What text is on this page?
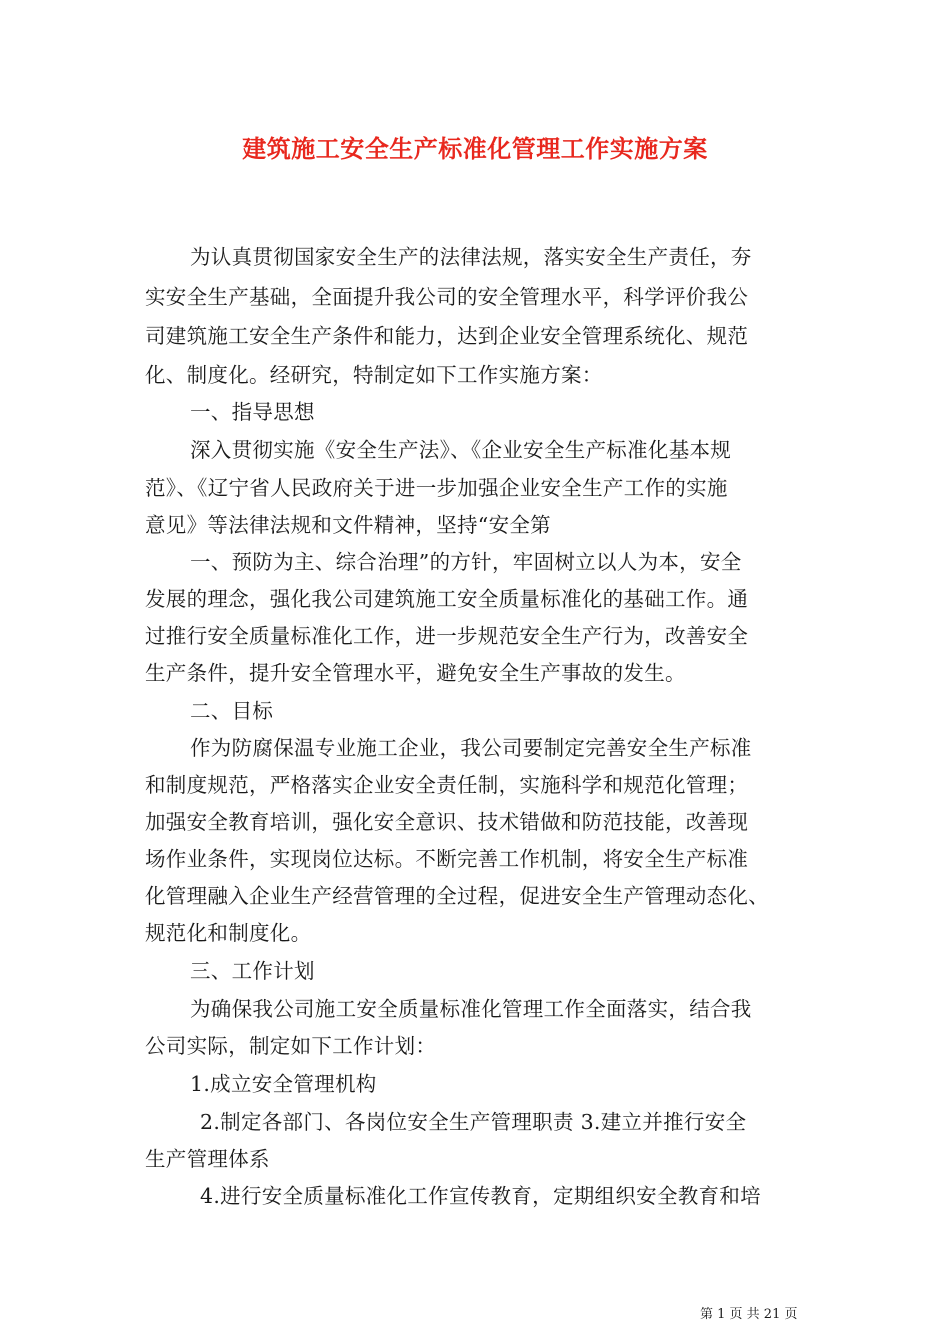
建筑施工安全生产标准化管理工作实施方案
为认真贯彻国家安全生产的法律法规，落实安全生产责任，夯
实安全生产基础，全面提升我公司的安全管理水平，科学评价我公
司建筑施工安全生产条件和能力，达到企业安全管理系统化、规范
化、制度化。经研究，特制定如下工作实施方案：
一、指导思想
深入贯彻实施《安全生产法》、《企业安全生产标准化基本规
范》、《辽宁省人民政府关于进一步加强企业安全生产工作的实施
意见》等法律法规和文件精神，坚持“安全第
一、预防为主、综合治理”的方针，牢固树立以人为本，安全
发展的理念，强化我公司建筑施工安全质量标准化的基础工作。通
过推行安全质量标准化工作，进一步规范安全生产行为，改善安全
生产条件，提升安全管理水平，避免安全生产事故的发生。
二、目标
作为防腐保温专业施工企业，我公司要制定完善安全生产标准
和制度规范，严格落实企业安全责任制，实施科学和规范化管理；
加强安全教育培训，强化安全意识、技术错做和防范技能，改善现
场作业条件，实现岗位达标。不断完善工作机制，将安全生产标准
化管理融入企业生产经营管理的全过程，促进安全生产管理动态化、
规范化和制度化。
三、工作计划
为确保我公司施工安全质量标准化管理工作全面落实，结合我
公司实际，制定如下工作计划：
1.成立安全管理机构
2.制定各部门、各岗位安全生产管理职责 3.建立并推行安全
生产管理体系
4.进行安全质量标准化工作宣传教育，定期组织安全教育和培
第 1 页 共 21 页
